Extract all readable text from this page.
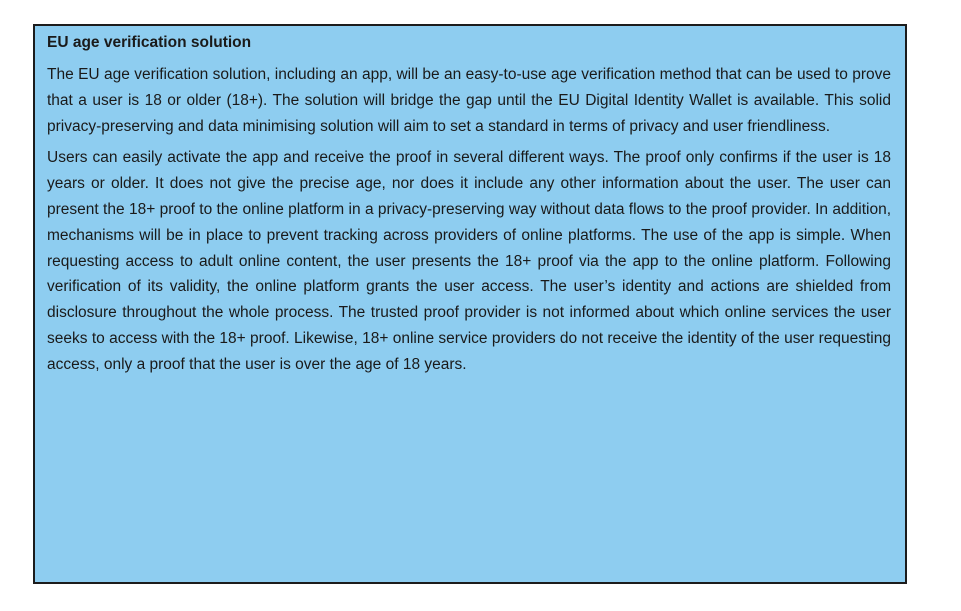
EU age verification solution

The EU age verification solution, including an app, will be an easy-to-use age verification method that can be used to prove that a user is 18 or older (18+). The solution will bridge the gap until the EU Digital Identity Wallet is available. This solid privacy-preserving and data minimising solution will aim to set a standard in terms of privacy and user friendliness.

Users can easily activate the app and receive the proof in several different ways. The proof only confirms if the user is 18 years or older. It does not give the precise age, nor does it include any other information about the user. The user can present the 18+ proof to the online platform in a privacy-preserving way without data flows to the proof provider. In addition, mechanisms will be in place to prevent tracking across providers of online platforms. The use of the app is simple. When requesting access to adult online content, the user presents the 18+ proof via the app to the online platform. Following verification of its validity, the online platform grants the user access. The user’s identity and actions are shielded from disclosure throughout the whole process. The trusted proof provider is not informed about which online services the user seeks to access with the 18+ proof. Likewise, 18+ online service providers do not receive the identity of the user requesting access, only a proof that the user is over the age of 18 years.
